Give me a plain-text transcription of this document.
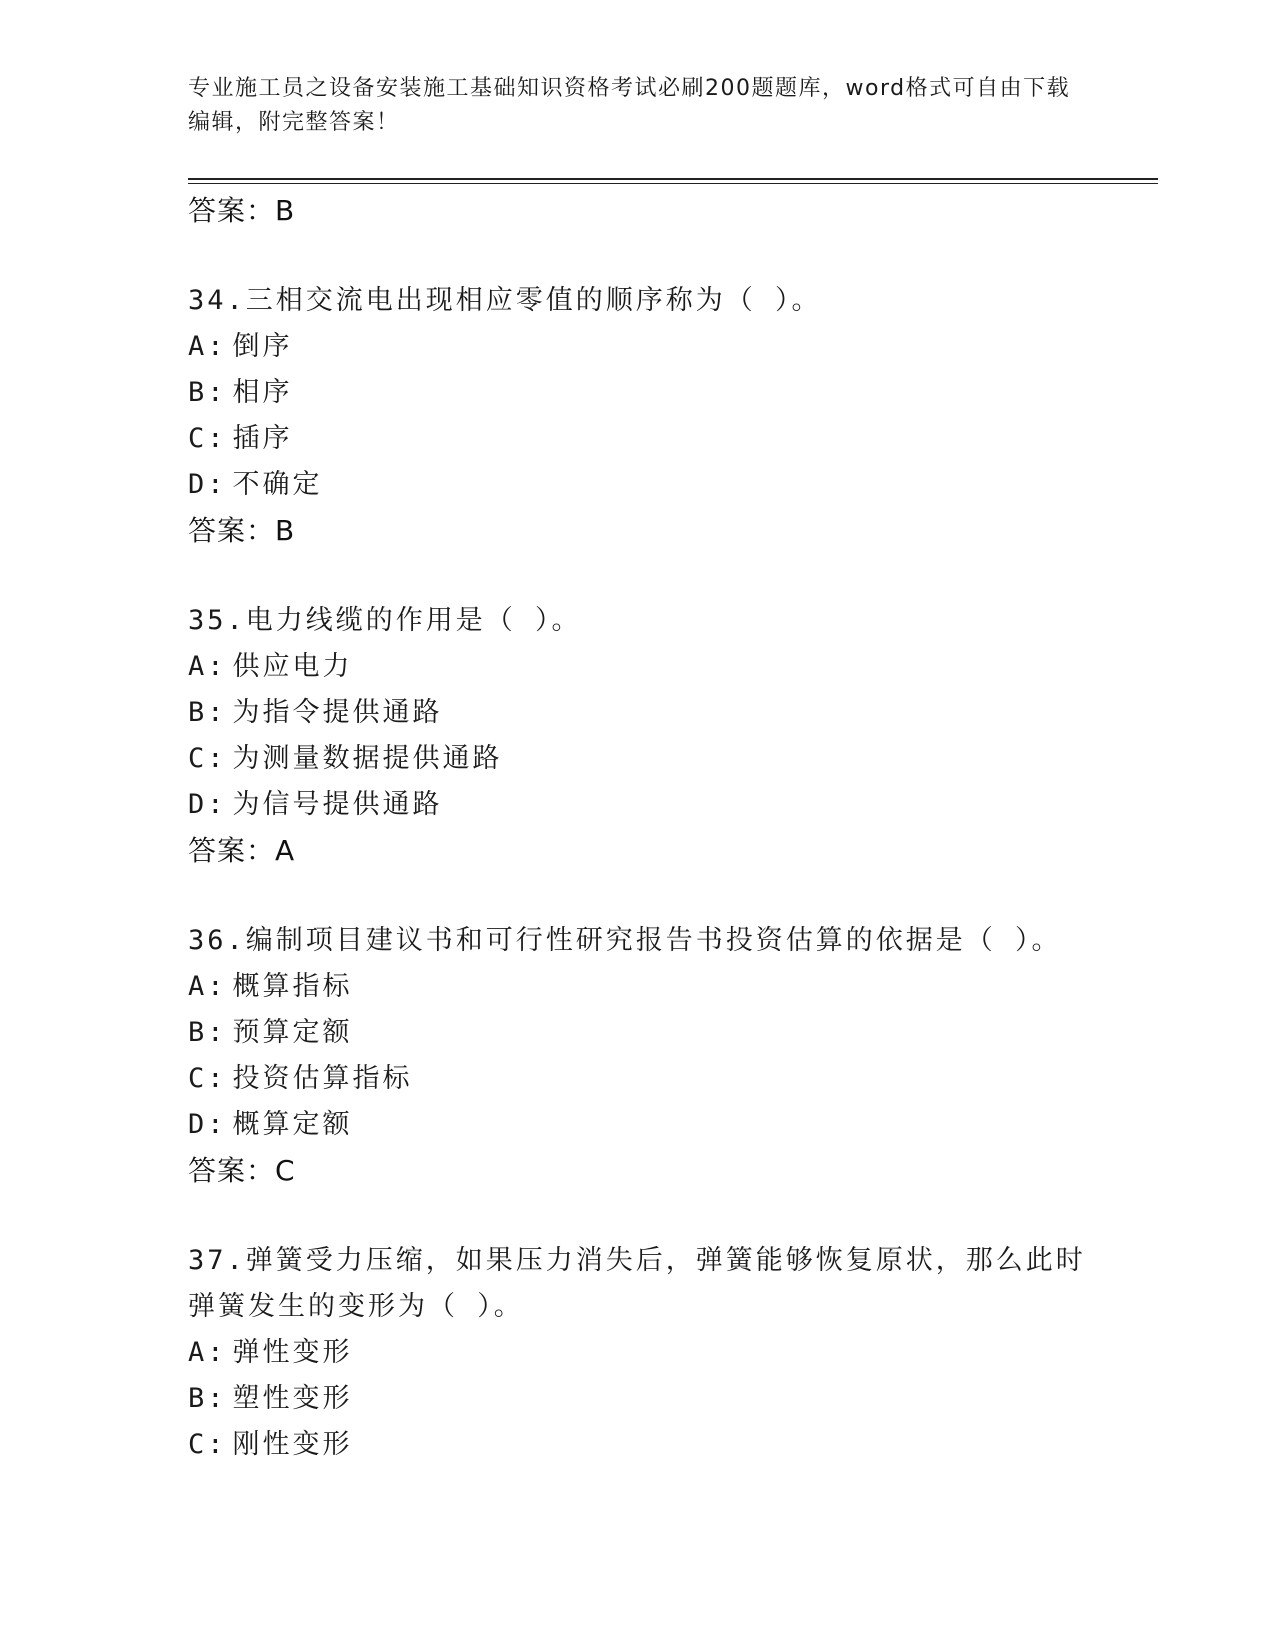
专业施工员之设备安装施工基础知识资格考试必刷200题题库，word格式可自由下载编辑，附完整答案！
答案：B
34.三相交流电出现相应零值的顺序称为（ ）。
A: 倒序
B: 相序
C: 插序
D: 不确定
答案：B
35.电力线缆的作用是（ ）。
A: 供应电力
B: 为指令提供通路
C: 为测量数据提供通路
D: 为信号提供通路
答案：A
36.编制项目建议书和可行性研究报告书投资估算的依据是（ ）。
A: 概算指标
B: 预算定额
C: 投资估算指标
D: 概算定额
答案：C
37.弹簧受力压缩，如果压力消失后，弹簧能够恢复原状，那么此时弹簧发生的变形为（ ）。
A: 弹性变形
B: 塑性变形
C: 刚性变形
